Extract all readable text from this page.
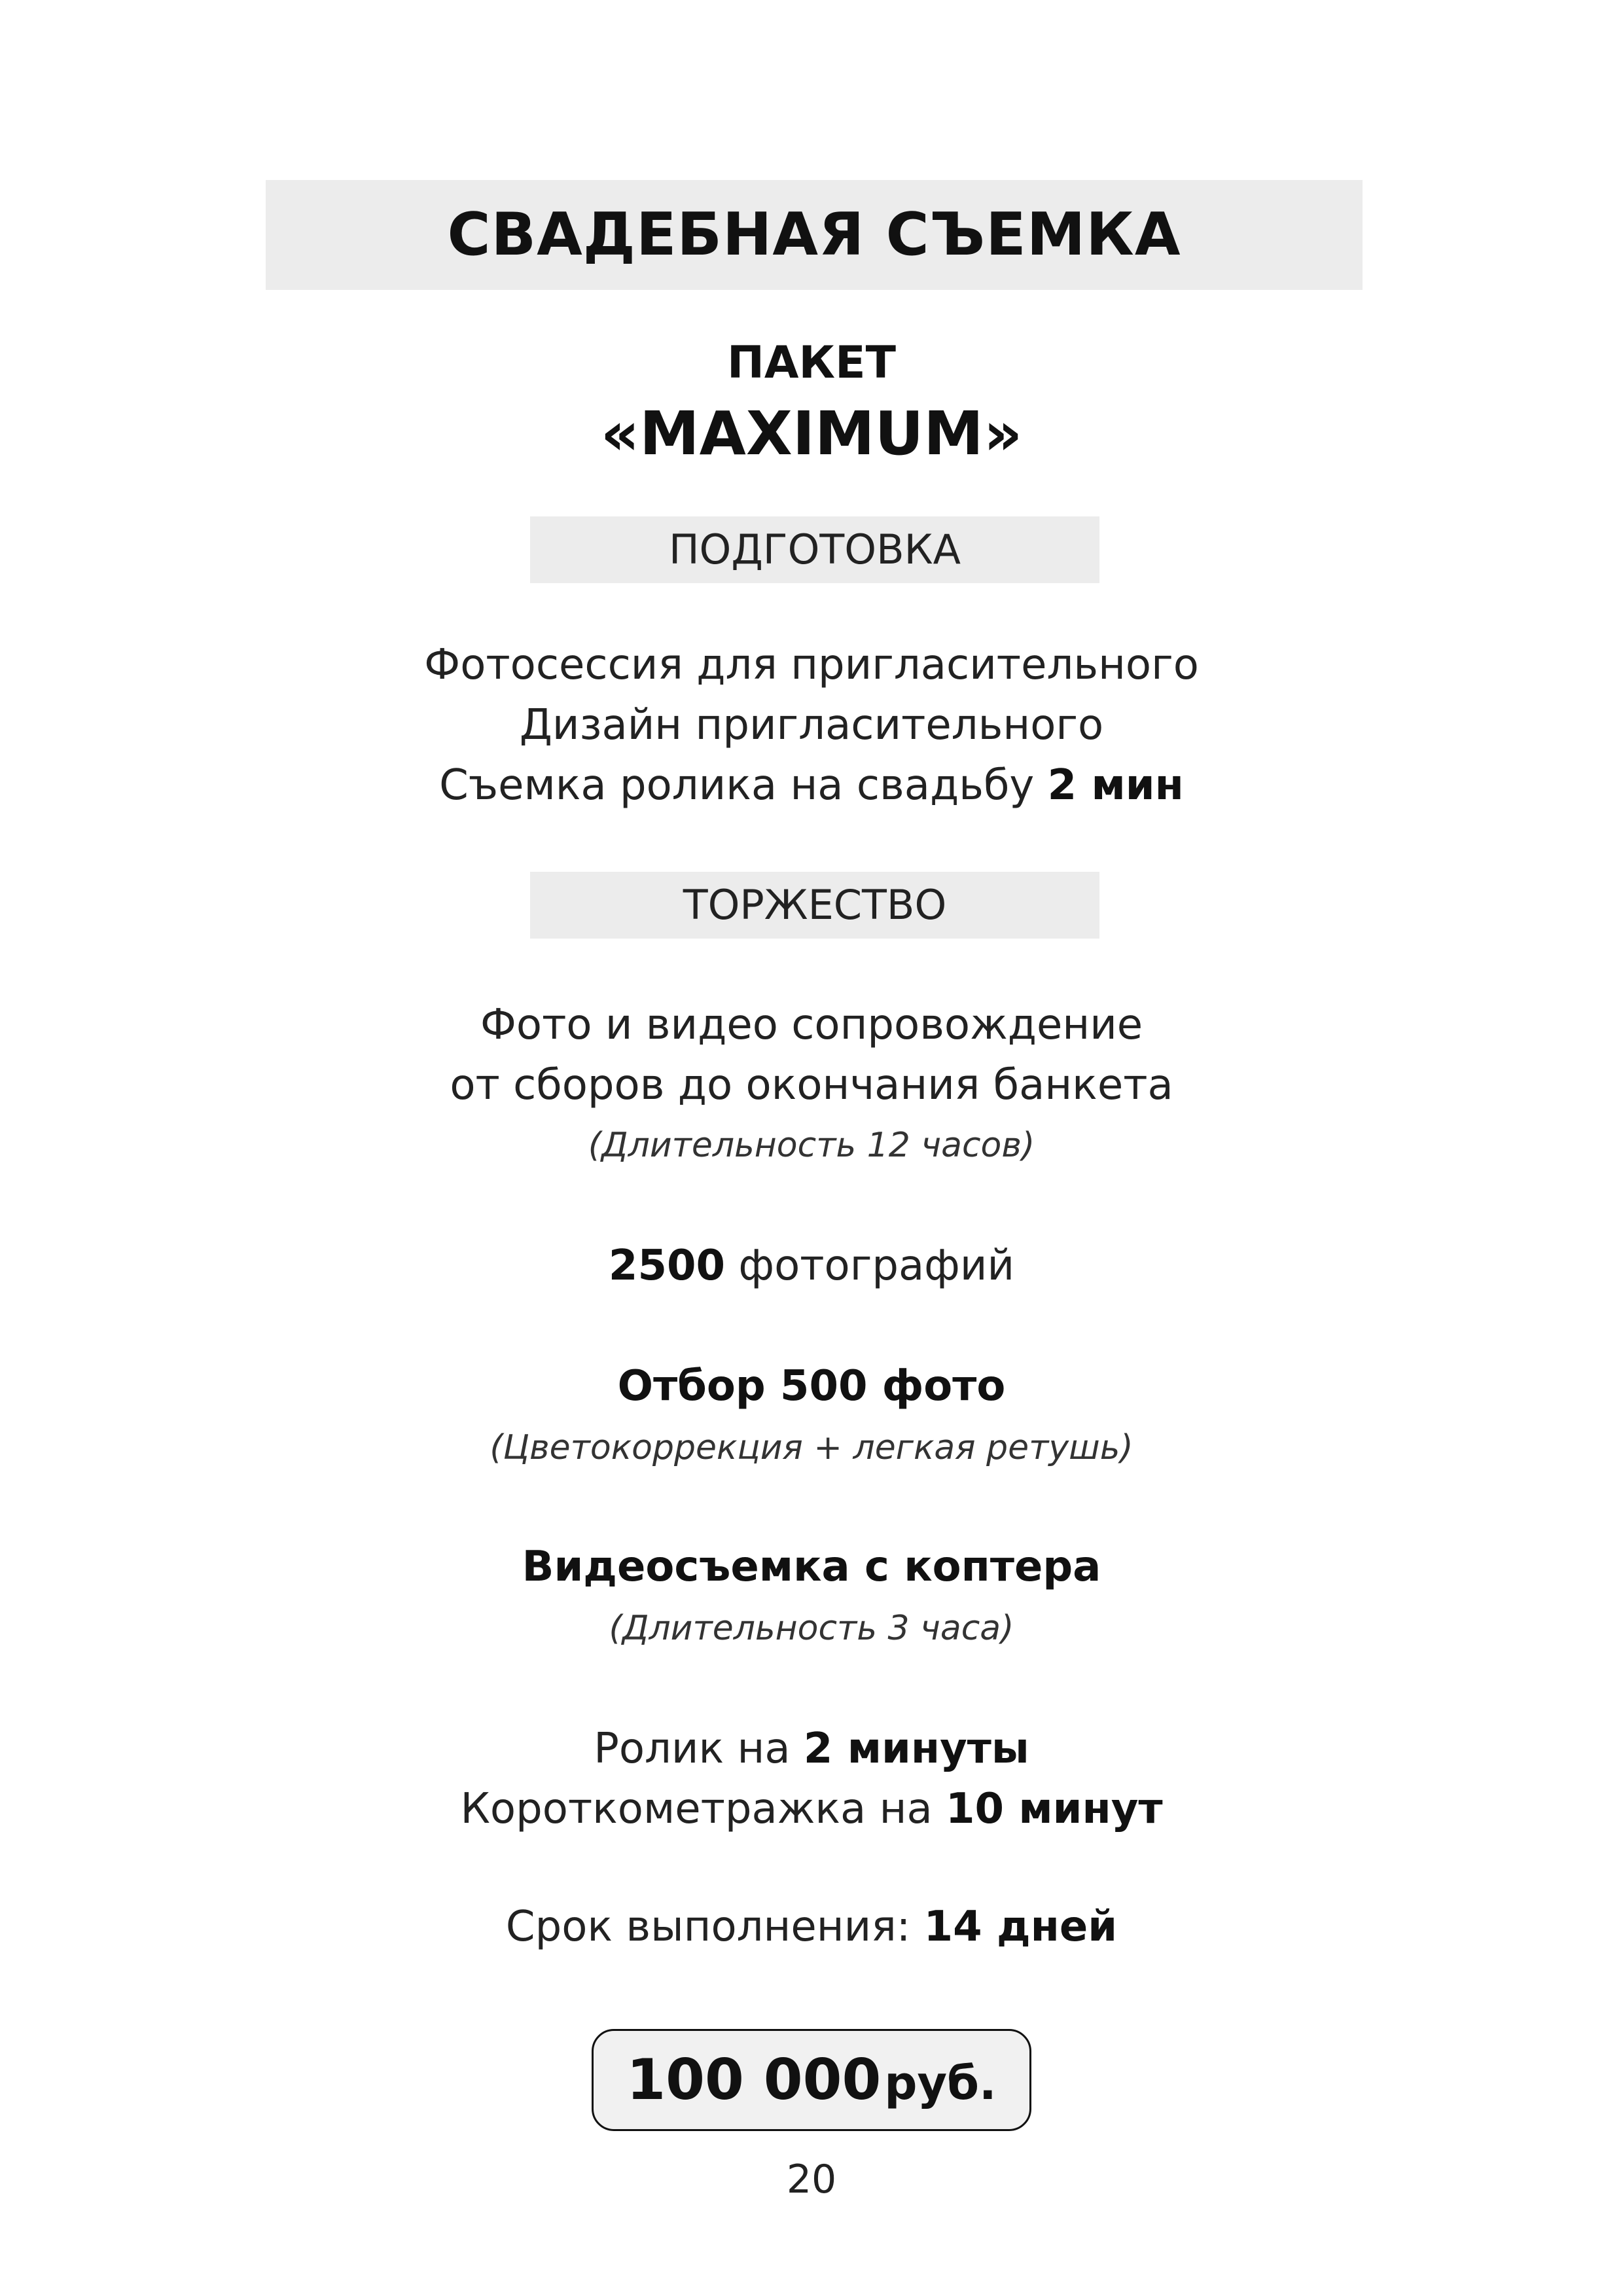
СВАДЕБНАЯ СЪЕМКА
ПАКЕТ
«MAXIMUM»
ПОДГОТОВКА
Фотосессия для пригласительного
Дизайн пригласительного
Съемка ролика на свадьбу 2 мин
ТОРЖЕСТВО
Фото и видео сопровождение
от сборов до окончания банкета
(Длительность 12 часов)
2500 фотографий
Отбор 500 фото
(Цветокоррекция + легкая ретушь)
Видеосъемка с коптера
(Длительность 3 часа)
Ролик на 2 минуты
Короткометражка на 10 минут
Срок выполнения: 14 дней
100 000 руб.
20
